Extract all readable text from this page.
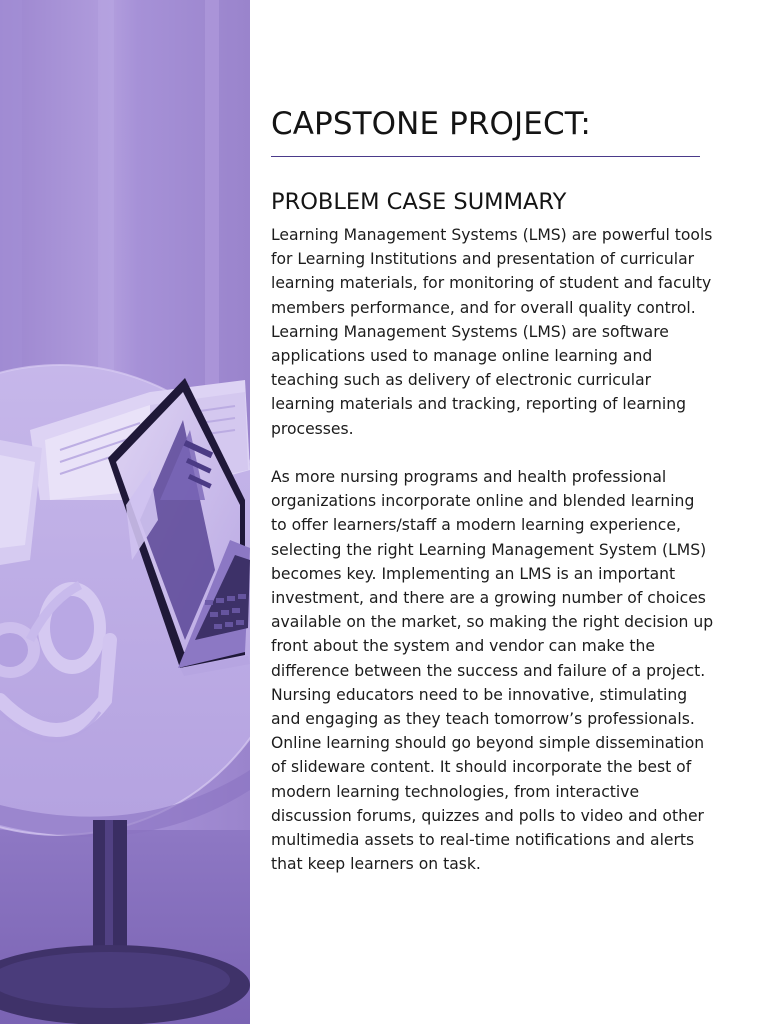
CAPSTONE PROJECT:
PROBLEM CASE SUMMARY

Learning Management Systems (LMS) are powerful tools

for Learning Institutions and presentation of curricular

learning materials, for monitoring of student and faculty

members performance, and for overall quality control.

Learning Management Systems (LMS) are software

applications used to manage online learning and

teaching such as delivery of electronic curricular

learning materials and tracking, reporting of learning

processes.

As more nursing programs and health professional

organizations incorporate online and blended learning

to offer learners/staff a modern learning experience,

selecting the right Learning Management System (LMS)

becomes key. Implementing an LMS is an important

investment, and there are a growing number of choices

available on the market, so making the right decision up

front about the system and vendor can make the

difference between the success and failure of a project.

Nursing educators need to be innovative, stimulating

and engaging as they teach tomorrow’s professionals.

Online learning should go beyond simple dissemination

of slideware content. It should incorporate the best of

modern learning technologies, from interactive

discussion forums, quizzes and polls to video and other

multimedia assets to real-time notifications and alerts

that keep learners on task.
